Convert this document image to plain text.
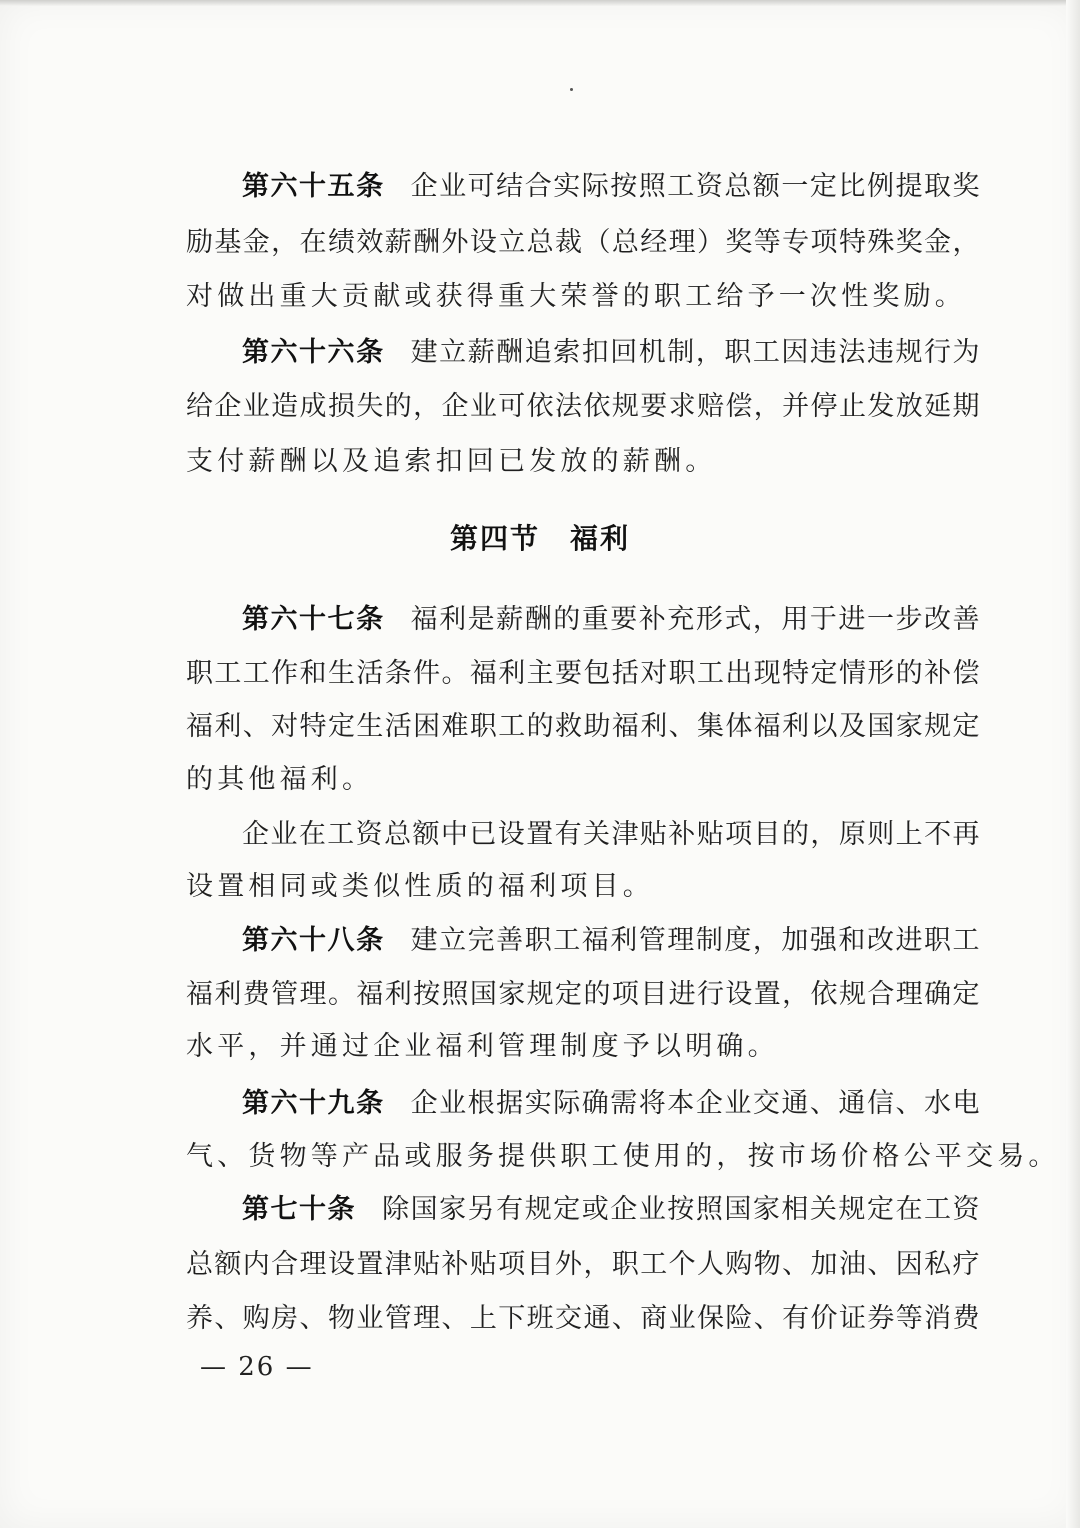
第六十五条 企业可结合实际按照工资总额一定比例提取奖
励基金，在绩效薪酬外设立总裁（总经理）奖等专项特殊奖金，
对做出重大贡献或获得重大荣誉的职工给予一次性奖励。
第六十六条 建立薪酬追索扣回机制，职工因违法违规行为
给企业造成损失的，企业可依法依规要求赔偿，并停止发放延期
支付薪酬以及追索扣回已发放的薪酬。
第四节 福利
第六十七条 福利是薪酬的重要补充形式，用于进一步改善
职工工作和生活条件。福利主要包括对职工出现特定情形的补偿
福利、对特定生活困难职工的救助福利、集体福利以及国家规定
的其他福利。
企业在工资总额中已设置有关津贴补贴项目的，原则上不再
设置相同或类似性质的福利项目。
第六十八条 建立完善职工福利管理制度，加强和改进职工
福利费管理。福利按照国家规定的项目进行设置，依规合理确定
水平，并通过企业福利管理制度予以明确。
第六十九条 企业根据实际确需将本企业交通、通信、水电
气、货物等产品或服务提供职工使用的，按市场价格公平交易。
第七十条 除国家另有规定或企业按照国家相关规定在工资
总额内合理设置津贴补贴项目外，职工个人购物、加油、因私疗
养、购房、物业管理、上下班交通、商业保险、有价证券等消费
— 26 —
